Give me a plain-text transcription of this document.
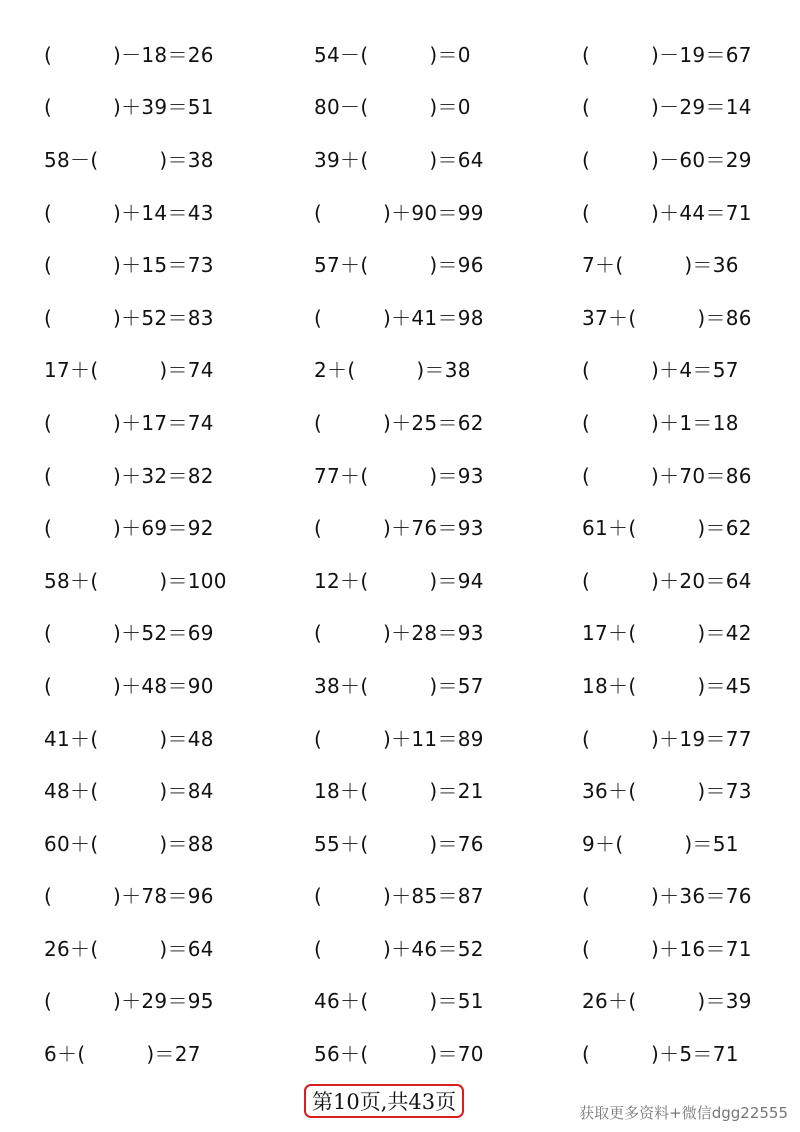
(　　　)－18＝26	54－(　　　)＝0	(　　　)－19＝67
(　　　)＋39＝51	80－(　　　)＝0	(　　　)－29＝14
58－(　　　)＝38	39＋(　　　)＝64	(　　　)－60＝29
(　　　)＋14＝43	(　　　)＋90＝99	(　　　)＋44＝71
(　　　)＋15＝73	57＋(　　　)＝96	7＋(　　　)＝36
(　　　)＋52＝83	(　　　)＋41＝98	37＋(　　　)＝86
17＋(　　　)＝74	2＋(　　　)＝38	(　　　)＋4＝57
(　　　)＋17＝74	(　　　)＋25＝62	(　　　)＋1＝18
(　　　)＋32＝82	77＋(　　　)＝93	(　　　)＋70＝86
(　　　)＋69＝92	(　　　)＋76＝93	61＋(　　　)＝62
58＋(　　　)＝100	12＋(　　　)＝94	(　　　)＋20＝64
(　　　)＋52＝69	(　　　)＋28＝93	17＋(　　　)＝42
(　　　)＋48＝90	38＋(　　　)＝57	18＋(　　　)＝45
41＋(　　　)＝48	(　　　)＋11＝89	(　　　)＋19＝77
48＋(　　　)＝84	18＋(　　　)＝21	36＋(　　　)＝73
60＋(　　　)＝88	55＋(　　　)＝76	9＋(　　　)＝51
(　　　)＋78＝96	(　　　)＋85＝87	(　　　)＋36＝76
26＋(　　　)＝64	(　　　)＋46＝52	(　　　)＋16＝71
(　　　)＋29＝95	46＋(　　　)＝51	26＋(　　　)＝39
6＋(　　　)＝27	56＋(　　　)＝70	(　　　)＋5＝71
第10页,共43页	获取更多资料+微信dgg22555
